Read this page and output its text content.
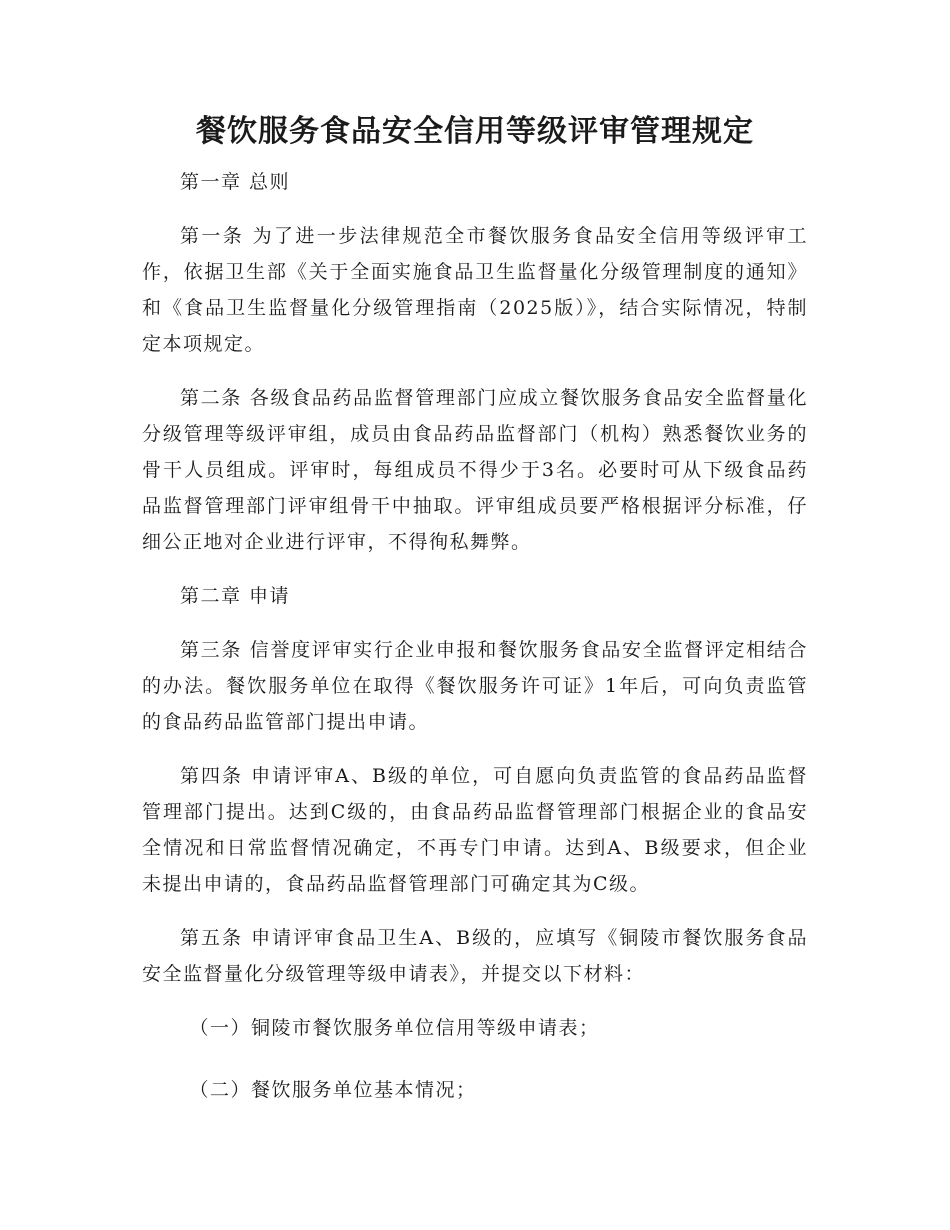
餐饮服务食品安全信用等级评审管理规定

第一章 总则

第一条 为了进一步法律规范全市餐饮服务食品安全信用等级评审工作，依据卫生部《关于全面实施食品卫生监督量化分级管理制度的通知》和《食品卫生监督量化分级管理指南（2025版）》，结合实际情况，特制定本项规定。

第二条 各级食品药品监督管理部门应成立餐饮服务食品安全监督量化分级管理等级评审组，成员由食品药品监督部门（机构）熟悉餐饮业务的骨干人员组成。评审时，每组成员不得少于3名。必要时可从下级食品药品监督管理部门评审组骨干中抽取。评审组成员要严格根据评分标准，仔细公正地对企业进行评审，不得徇私舞弊。

第二章 申请

第三条 信誉度评审实行企业申报和餐饮服务食品安全监督评定相结合的办法。餐饮服务单位在取得《餐饮服务许可证》1年后，可向负责监管的食品药品监管部门提出申请。

第四条 申请评审A、B级的单位，可自愿向负责监管的食品药品监督管理部门提出。达到C级的，由食品药品监督管理部门根据企业的食品安全情况和日常监督情况确定，不再专门申请。达到A、B级要求，但企业未提出申请的，食品药品监督管理部门可确定其为C级。

第五条 申请评审食品卫生A、B级的，应填写《铜陵市餐饮服务食品安全监督量化分级管理等级申请表》，并提交以下材料：

（一）铜陵市餐饮服务单位信用等级申请表；

（二）餐饮服务单位基本情况；
